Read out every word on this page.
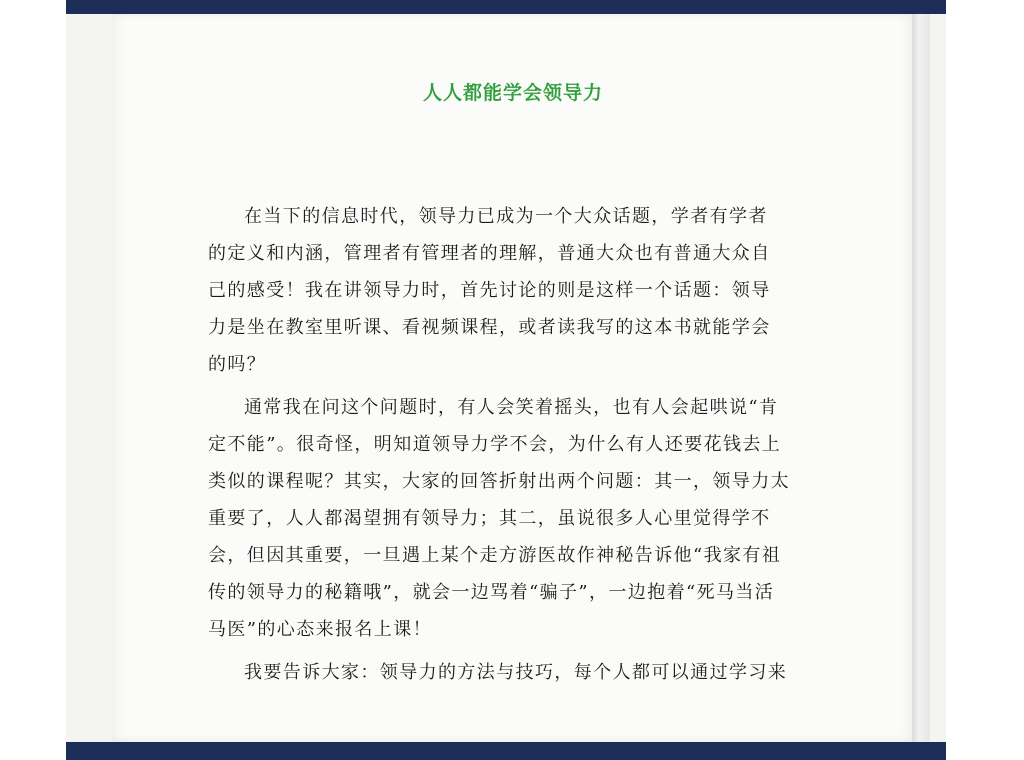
人人都能学会领导力
在当下的信息时代，领导力已成为一个大众话题，学者有学者
的定义和内涵，管理者有管理者的理解，普通大众也有普通大众自
己的感受！我在讲领导力时，首先讨论的则是这样一个话题：领导
力是坐在教室里听课、看视频课程，或者读我写的这本书就能学会
的吗？
通常我在问这个问题时，有人会笑着摇头，也有人会起哄说“肯
定不能”。很奇怪，明知道领导力学不会，为什么有人还要花钱去上
类似的课程呢？其实，大家的回答折射出两个问题：其一，领导力太
重要了，人人都渴望拥有领导力；其二，虽说很多人心里觉得学不
会，但因其重要，一旦遇上某个走方游医故作神秘告诉他“我家有祖
传的领导力的秘籍哦”，就会一边骂着“骗子”，一边抱着“死马当活
马医”的心态来报名上课！
我要告诉大家：领导力的方法与技巧，每个人都可以通过学习来
